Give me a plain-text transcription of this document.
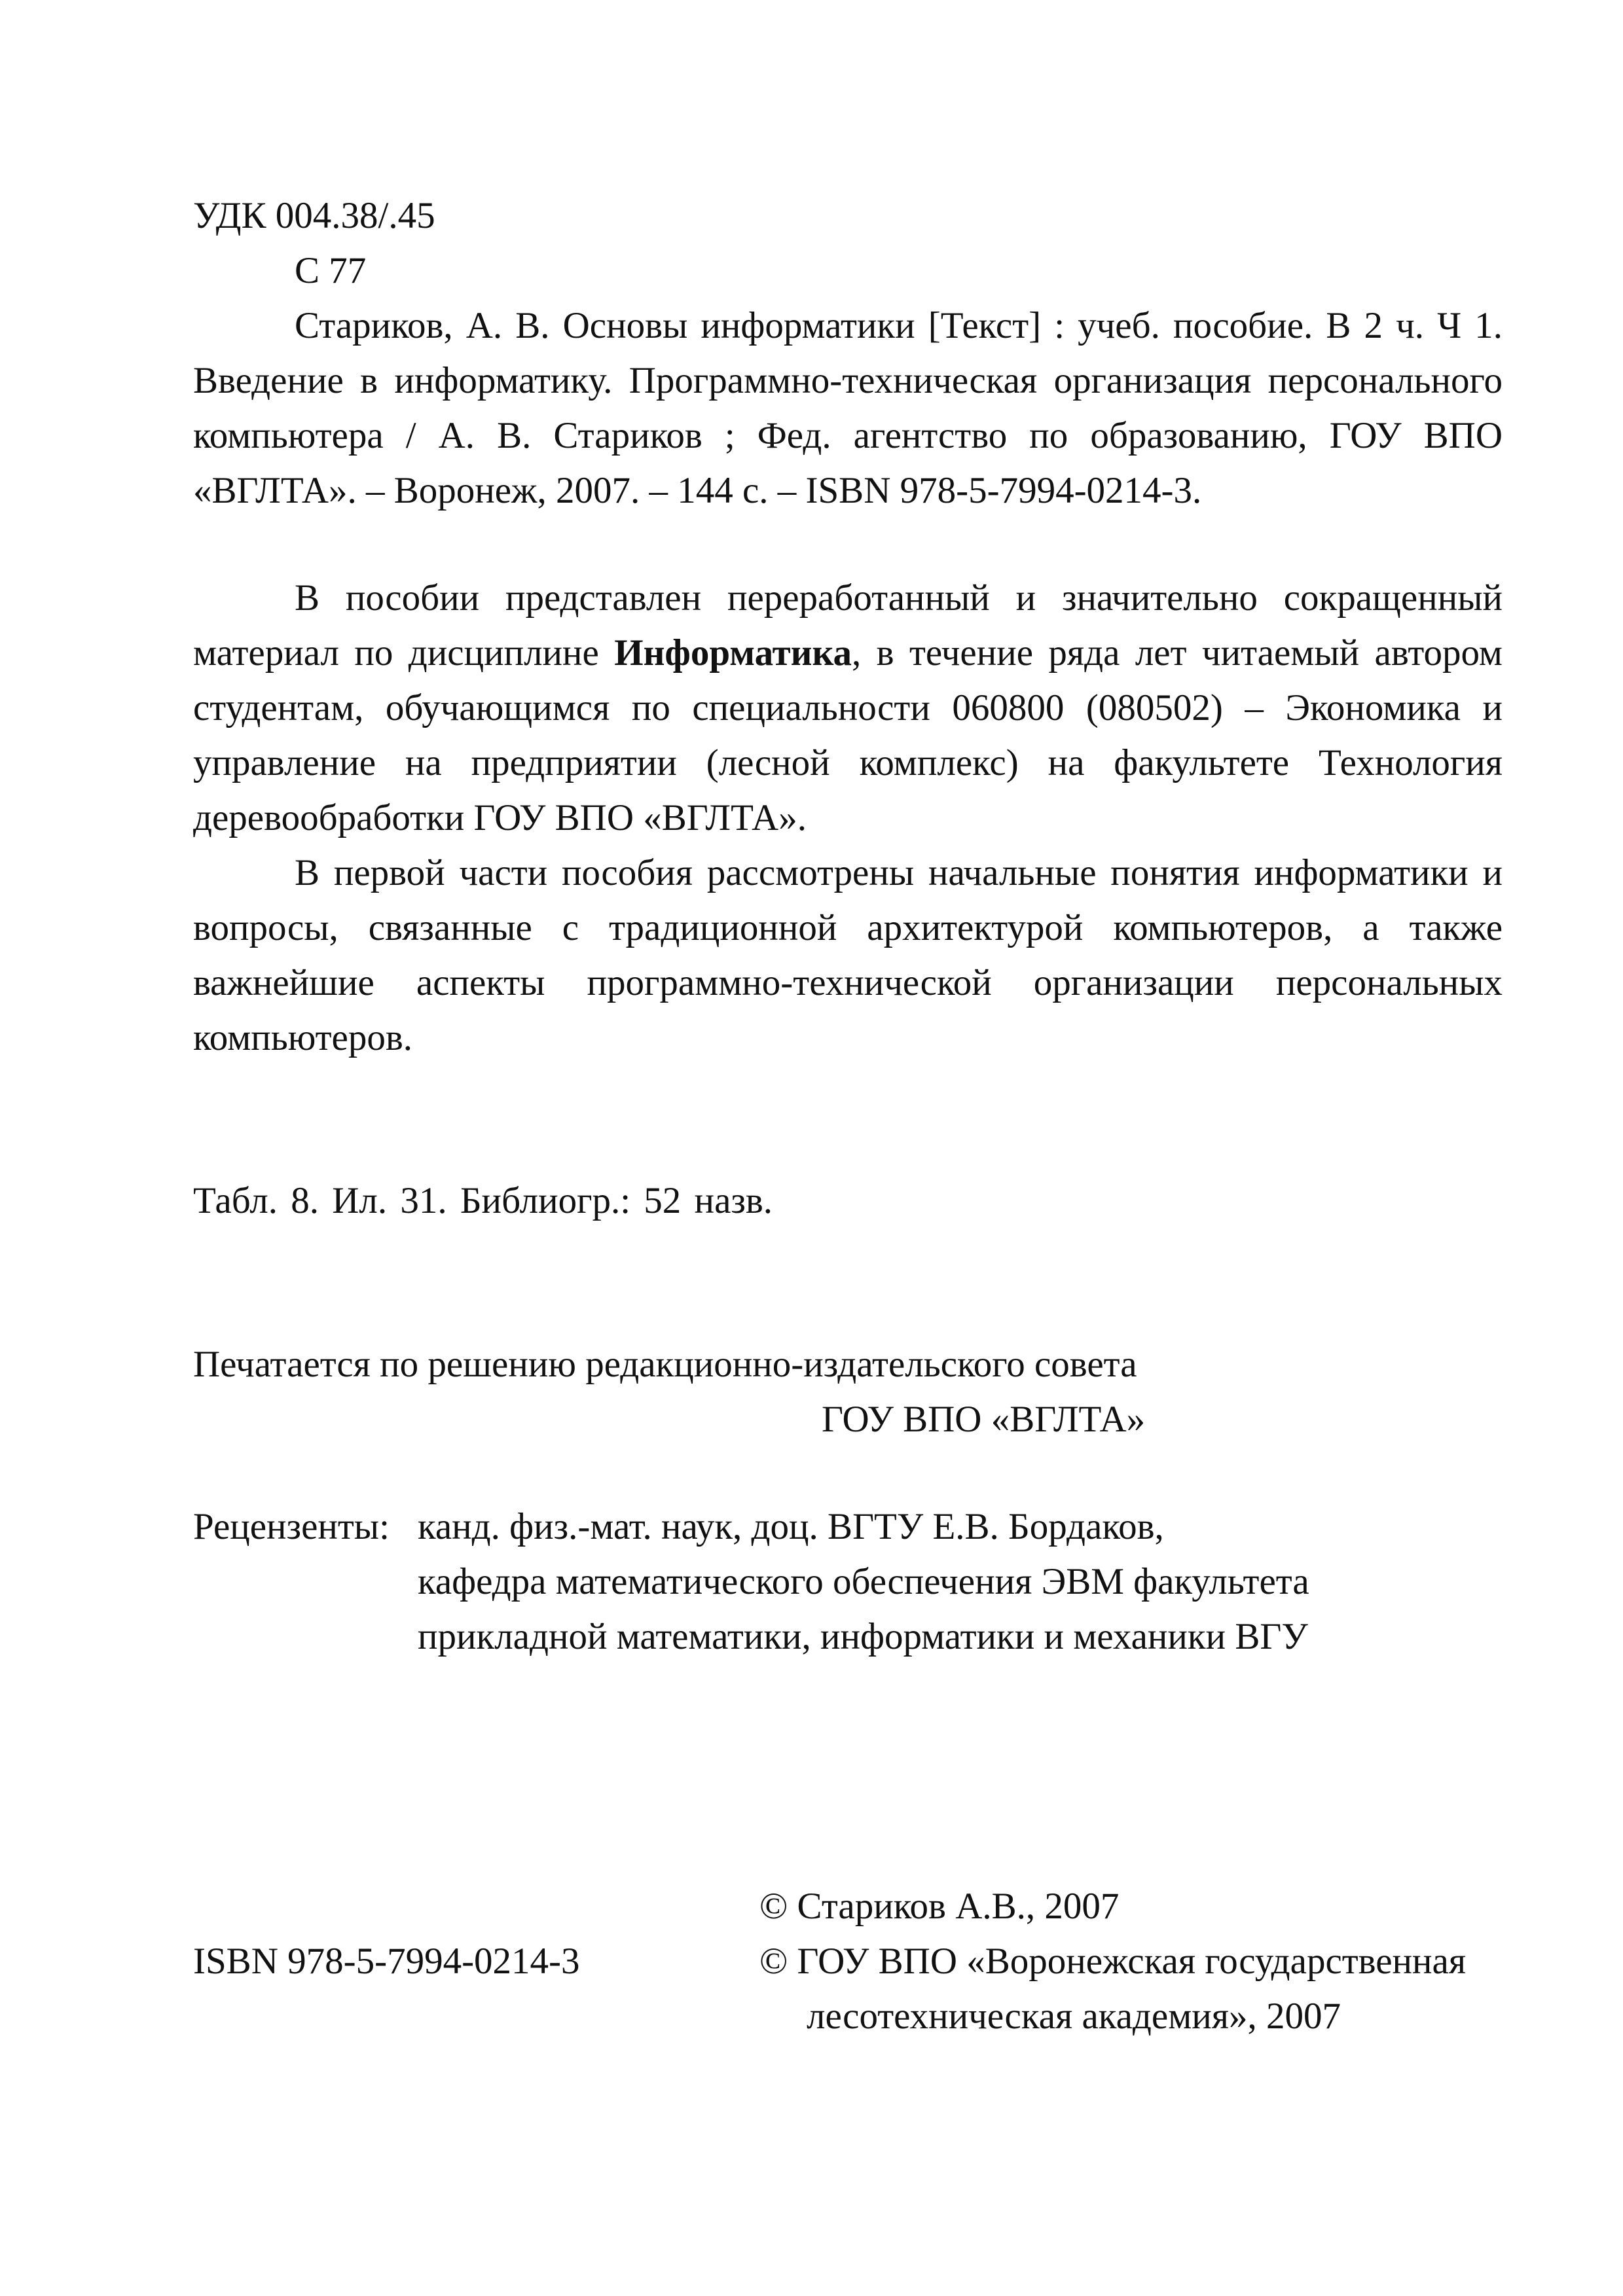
УДК 004.38/.45
С 77
Стариков, А. В. Основы информатики [Текст] : учеб. пособие. В 2 ч. Ч 1.
Введение в информатику. Программно-техническая организация персонального
компьютера / А. В. Стариков ; Фед. агентство по образованию, ГОУ ВПО
«ВГЛТА». – Воронеж, 2007. – 144 с. – ISBN 978-5-7994-0214-3.
В пособии представлен переработанный и значительно сокращенный
материал по дисциплине Информатика, в течение ряда лет читаемый автором
студентам, обучающимся по специальности 060800 (080502) – Экономика и
управление на предприятии (лесной комплекс) на факультете Технология
деревообработки ГОУ ВПО «ВГЛТА».
В первой части пособия рассмотрены начальные понятия информатики и
вопросы, связанные с традиционной архитектурой компьютеров, а также
важнейшие аспекты программно-технической организации персональных
компьютеров.
Табл. 8. Ил. 31. Библиогр.: 52 назв.
Печатается по решению редакционно-издательского совета
ГОУ ВПО «ВГЛТА»
Рецензенты: канд. физ.-мат. наук, доц. ВГТУ Е.В. Бордаков,
кафедра математического обеспечения ЭВМ факультета
прикладной математики, информатики и механики ВГУ
ISBN 978-5-7994-0214-3
© Стариков А.В., 2007
© ГОУ ВПО «Воронежская государственная
лесотехническая академия», 2007
